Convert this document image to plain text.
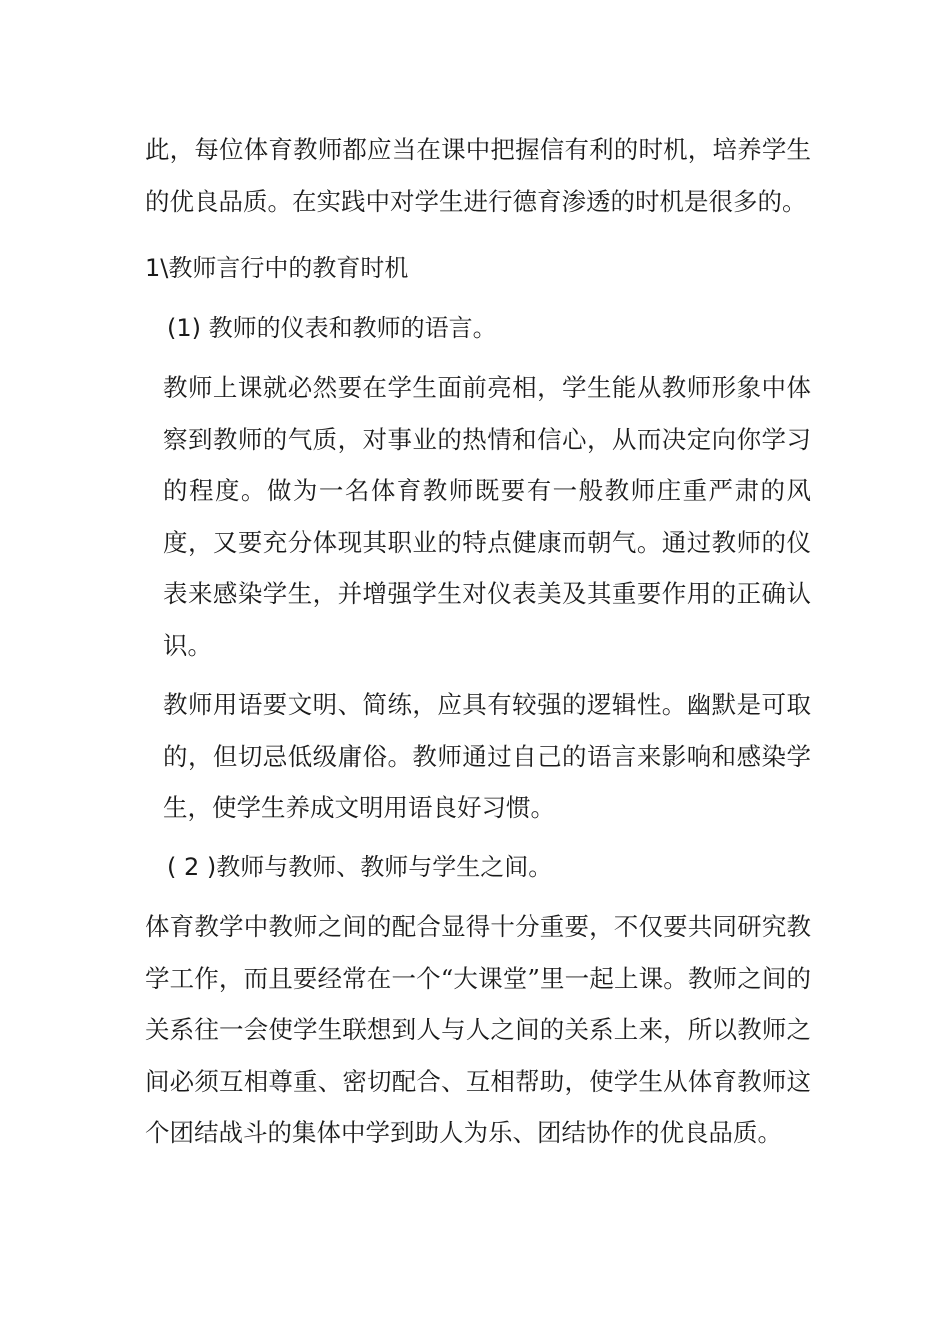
此，每位体育教师都应当在课中把握信有利的时机，培养学生的优良品质。在实践中对学生进行德育渗透的时机是很多的。

1\教师言行中的教育时机

(1) 教师的仪表和教师的语言。

教师上课就必然要在学生面前亮相，学生能从教师形象中体察到教师的气质，对事业的热情和信心，从而决定向你学习的程度。做为一名体育教师既要有一般教师庄重严肃的风度，又要充分体现其职业的特点健康而朝气。通过教师的仪表来感染学生，并增强学生对仪表美及其重要作用的正确认识。

教师用语要文明、简练，应具有较强的逻辑性。幽默是可取的，但切忌低级庸俗。教师通过自己的语言来影响和感染学生，使学生养成文明用语良好习惯。

( 2 )教师与教师、教师与学生之间。

体育教学中教师之间的配合显得十分重要，不仅要共同研究教学工作，而且要经常在一个“大课堂”里一起上课。教师之间的关系往一会使学生联想到人与人之间的关系上来，所以教师之间必须互相尊重、密切配合、互相帮助，使学生从体育教师这个团结战斗的集体中学到助人为乐、团结协作的优良品质。
